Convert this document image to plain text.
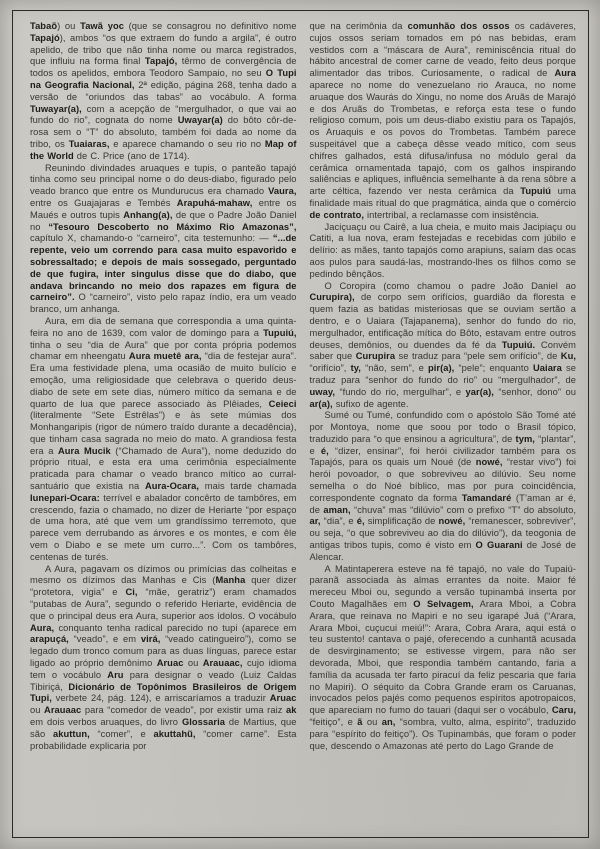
Tabaõ) ou Tawã yoc (que se consagrou no definitivo nome Tapajó), ambos “os que extraem do fundo a argila”, é outro apelido, de tribo que não tinha nome ou marca registrados, que influiu na forma final Tapajó, têrmo de convergência de todos os apelidos, embora Teodoro Sampaio, no seu O Tupi na Geografia Nacional, 2ª edição, página 268, tenha dado a versão de “oriundos das tabas” ao vocábulo. A forma Tuwayar(a), com a acepção de “mergulhador, o que vai ao fundo do rio”, cognata do nome Uwayar(a) do bôto côr-de-rosa sem o “T” do absoluto, também foi dada ao nome da tribo, os Tuaiaras, e aparece chamando o seu rio no Map of the World de C. Price (ano de 1714).

Reunindo divindades aruaques e tupis, o panteão tapajó tinha como seu principal nome o do deus-diabo, figurado pelo veado branco que entre os Mundurucus era chamado Vaura, entre os Guajajaras e Tembés Arapuhá-mahaw, entre os Maués e outros tupis Anhang(a), de que o Padre João Daniel no “Tesouro Descoberto no Máximo Rio Amazonas”, capítulo X, chamando-o “carneiro”, cita testemunho: — “...de repente, veio um correndo para casa muito espavorido e sobressaltado; e depois de mais sossegado, perguntado de que fugira, inter singulus disse que do diabo, que andava brincando no meio dos rapazes em figura de carneiro”. O “carneiro”, visto pelo rapaz índio, era um veado branco, um anhanga.

Aura, em dia de semana que correspondia a uma quinta-feira no ano de 1639, com valor de domingo para a Tupuiú, tinha o seu “dia de Aura” que por conta própria podemos chamar em nheengatu Aura muetê ara, “dia de festejar aura”. Era uma festividade plena, uma ocasião de muito bulício e emoção, uma religiosidade que celebrava o querido deus-diabo de sete em sete dias, número mítico da semana e de quarto de lua que parece associado às Plêiades, Ceieci (literalmente “Sete Estrêlas”) e às sete múmias dos Monhangaripis (rigor de número traído durante a decadência), que tinham casa sagrada no meio do mato. A grandiosa festa era a Aura Mucik (“Chamado de Aura”), nome deduzido do próprio ritual, e esta era uma cerimônia especialmente praticada para chamar o veado branco mítico ao curral-santuário que existia na Aura-Ocara, mais tarde chamada Iunepari-Ocara: terrível e abalador concêrto de tambôres, em crescendo, fazia o chamado, no dizer de Heriarte “por espaço de uma hora, até que vem um grandíssimo terremoto, que parece vem derrubando as árvores e os montes, e com êle vem o Diabo e se mete um curro...”. Com os tambôres, centenas de turés.

A Aura, pagavam os dízimos ou primícias das colheitas e mesmo os dízimos das Manhas e Cis (Manha quer dizer “protetora, vigia” e Ci, “mãe, geratriz”) eram chamados “putabas de Aura”, segundo o referido Heriarte, evidência de que o principal deus era Aura, superior aos ídolos. O vocábulo Aura, conquanto tenha radical parecido no tupi (aparece em arapuçá, “veado”, e em virá, “veado catingueiro”), como se legado dum tronco comum para as duas línguas, parece estar ligado ao próprio demônimo Aruac ou Arauaac, cujo idioma tem o vocábulo Aru para designar o veado (Luiz Caldas Tibiriçá, Dicionário de Topônimos Brasileiros de Origem Tupi, verbete 24, pág. 124), e arriscaríamos a traduzir Aruac ou Arauaac para “comedor de veado”, por existir uma raiz ak em dois verbos aruaques, do livro Glossaria de Martius, que são akuttun, “comer”, e akuttahũ, “comer carne”. Esta probabilidade explicaria por

que na cerimônia da comunhão dos ossos os cadáveres, cujos ossos seriam tomados em pó nas bebidas, eram vestidos com a “máscara de Aura”, reminiscência ritual do hábito ancestral de comer carne de veado, feito deus porque alimentador das tribos. Curiosamente, o radical de Aura aparece no nome do venezuelano rio Arauca, no nome aruaque dos Waurás do Xingu, no nome dos Aruãs de Marajó e dos Aruãs do Trombetas, e reforça esta tese o fundo religioso comum, pois um deus-diabo existiu para os Tapajós, os Aruaquis e os povos do Trombetas. Também parece suspeitável que a cabeça dêsse veado mítico, com seus chifres galhados, está difusa/infusa no módulo geral da cerâmica ornamentada tapajó, com os galhos inspirando saliências e apliques, influência semelhante à da rena sôbre a arte céltica, fazendo ver nesta cerâmica da Tupuiú uma finalidade mais ritual do que pragmática, ainda que o comércio de contrato, intertribal, a reclamasse com insistência.

Jaciçuaçu ou Cairê, a lua cheia, e muito mais Jacipiaçu ou Catiti, a lua nova, eram festejadas e recebidas com júbilo e delírio: as mães, tanto tapajós como arapiuns, saíam das ocas aos pulos para saudá-las, mostrando-lhes os filhos como se pedindo bênçãos.

O Coropira (como chamou o padre João Daniel ao Curupira), de corpo sem orifícios, guardião da floresta e quem fazia as batidas misteriosas que se ouviam sertão a dentro, e o Uaiara (Tajapanema), senhor do fundo do rio, mergulhador, entificação mítica do Bôto, estavam entre outros deuses, demônios, ou duendes da fé da Tupuiú. Convém saber que Curupira se traduz para “pele sem orifício”, de Ku, “orifício”, ty, “não, sem”, e pir(a), “pele”; enquanto Uaiara se traduz para “senhor do fundo do rio” ou “mergulhador”, de uway, “fundo do rio, mergulhar”, e yar(a), “senhor, dono” ou ar(a), sufixo de agente.

Sumé ou Tumé, confundido com o apóstolo São Tomé até por Montoya, nome que soou por todo o Brasil tópico, traduzido para “o que ensinou a agricultura”, de tym, “plantar”, e é, “dizer, ensinar”, foi herói civilizador também para os Tapajós, para os quais um Noué (de nowé, “restar vivo”) foi herói povoador, o que sobreviveu ao dilúvio. Seu nome semelha o do Noé bíblico, mas por pura coincidência, correspondente cognato da forma Tamandaré (T’aman ar é, de aman, “chuva” mas “dilúvio” com o prefixo “T” do absoluto, ar, “dia”, e é, simplificação de nowé, “remanescer, sobreviver”, ou seja, “o que sobreviveu ao dia do dilúvio”), da teogonia de antigas tribos tupis, como é visto em O Guarani de José de Alencar.

A Matintaperera esteve na fé tapajó, no vale do Tupaiú-paranã associada às almas errantes da noite. Maior fé mereceu Mboi ou, segundo a versão tupinambá inserta por Couto Magalhães em O Selvagem, Arara Mboi, a Cobra Arara, que reinava no Mapiri e no seu igarapé Juá (“Arara, Arara Mboi, cuçucui meiú!”: Arara, Cobra Arara, aqui está o teu sustento! cantava o pajé, oferecendo a cunhantã acusada de desvirginamento; se estivesse virgem, para não ser devorada, Mboi, que respondia também cantando, faria a família da acusada ter farto piracuí da feliz pescaria que faria no Mapiri). O séquito da Cobra Grande eram os Caruanas, invocados pelos pajés como pequenos espíritos apotropaicos, que apareciam no fumo do tauari (daqui ser o vocábulo, Caru, “feitiço”, e ã ou an, “sombra, vulto, alma, espírito”, traduzido para “espírito do feitiço”). Os Tupinambás, que foram o poder que, descendo o Amazonas até perto do Lago Grande de
